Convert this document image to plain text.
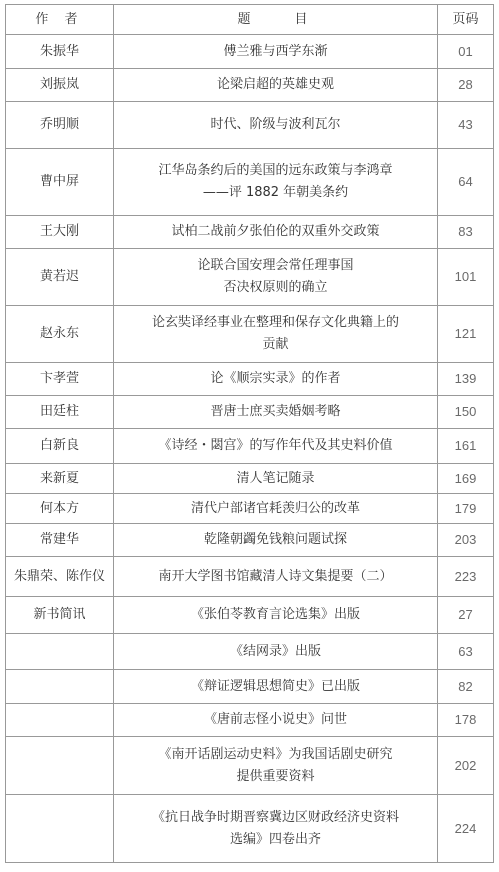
作 者	题　　目	页码
朱振华	傅兰雅与西学东渐	01
刘振岚	论梁启超的英雄史观	28
乔明顺	时代、阶级与波利瓦尔	43
曹中屏	江华岛条约后的美国的远东政策与李鸿章
——评 1882 年朝美条约	64
王大刚	试柏二战前夕张伯伦的双重外交政策	83
黄若迟	论联合国安理会常任理事国
否决权原则的确立	101
赵永东	论玄奘译经事业在整理和保存文化典籍上的
贡献	121
卞孝萱	论《顺宗实录》的作者	139
田廷柱	晋唐士庶买卖婚姻考略	150
白新良	《诗经・閟宫》的写作年代及其史料价值	161
来新夏	清人笔记随录	169
何本方	清代户部诸官耗羡归公的改革	179
常建华	乾隆朝蠲免钱粮问题试探	203
朱鼎荣、陈作仪	南开大学图书馆藏清人诗文集提要（二）	223
新书简讯	《张伯苓教育言论选集》出版	27

	《结网录》出版	63

	《辩证逻辑思想简史》已出版	82

	《唐前志怪小说史》问世	178

	《南开话剧运动史料》为我国话剧史研究
提供重要资料	202

	《抗日战争时期晋察冀边区财政经济史资料
选编》四卷出齐	224
